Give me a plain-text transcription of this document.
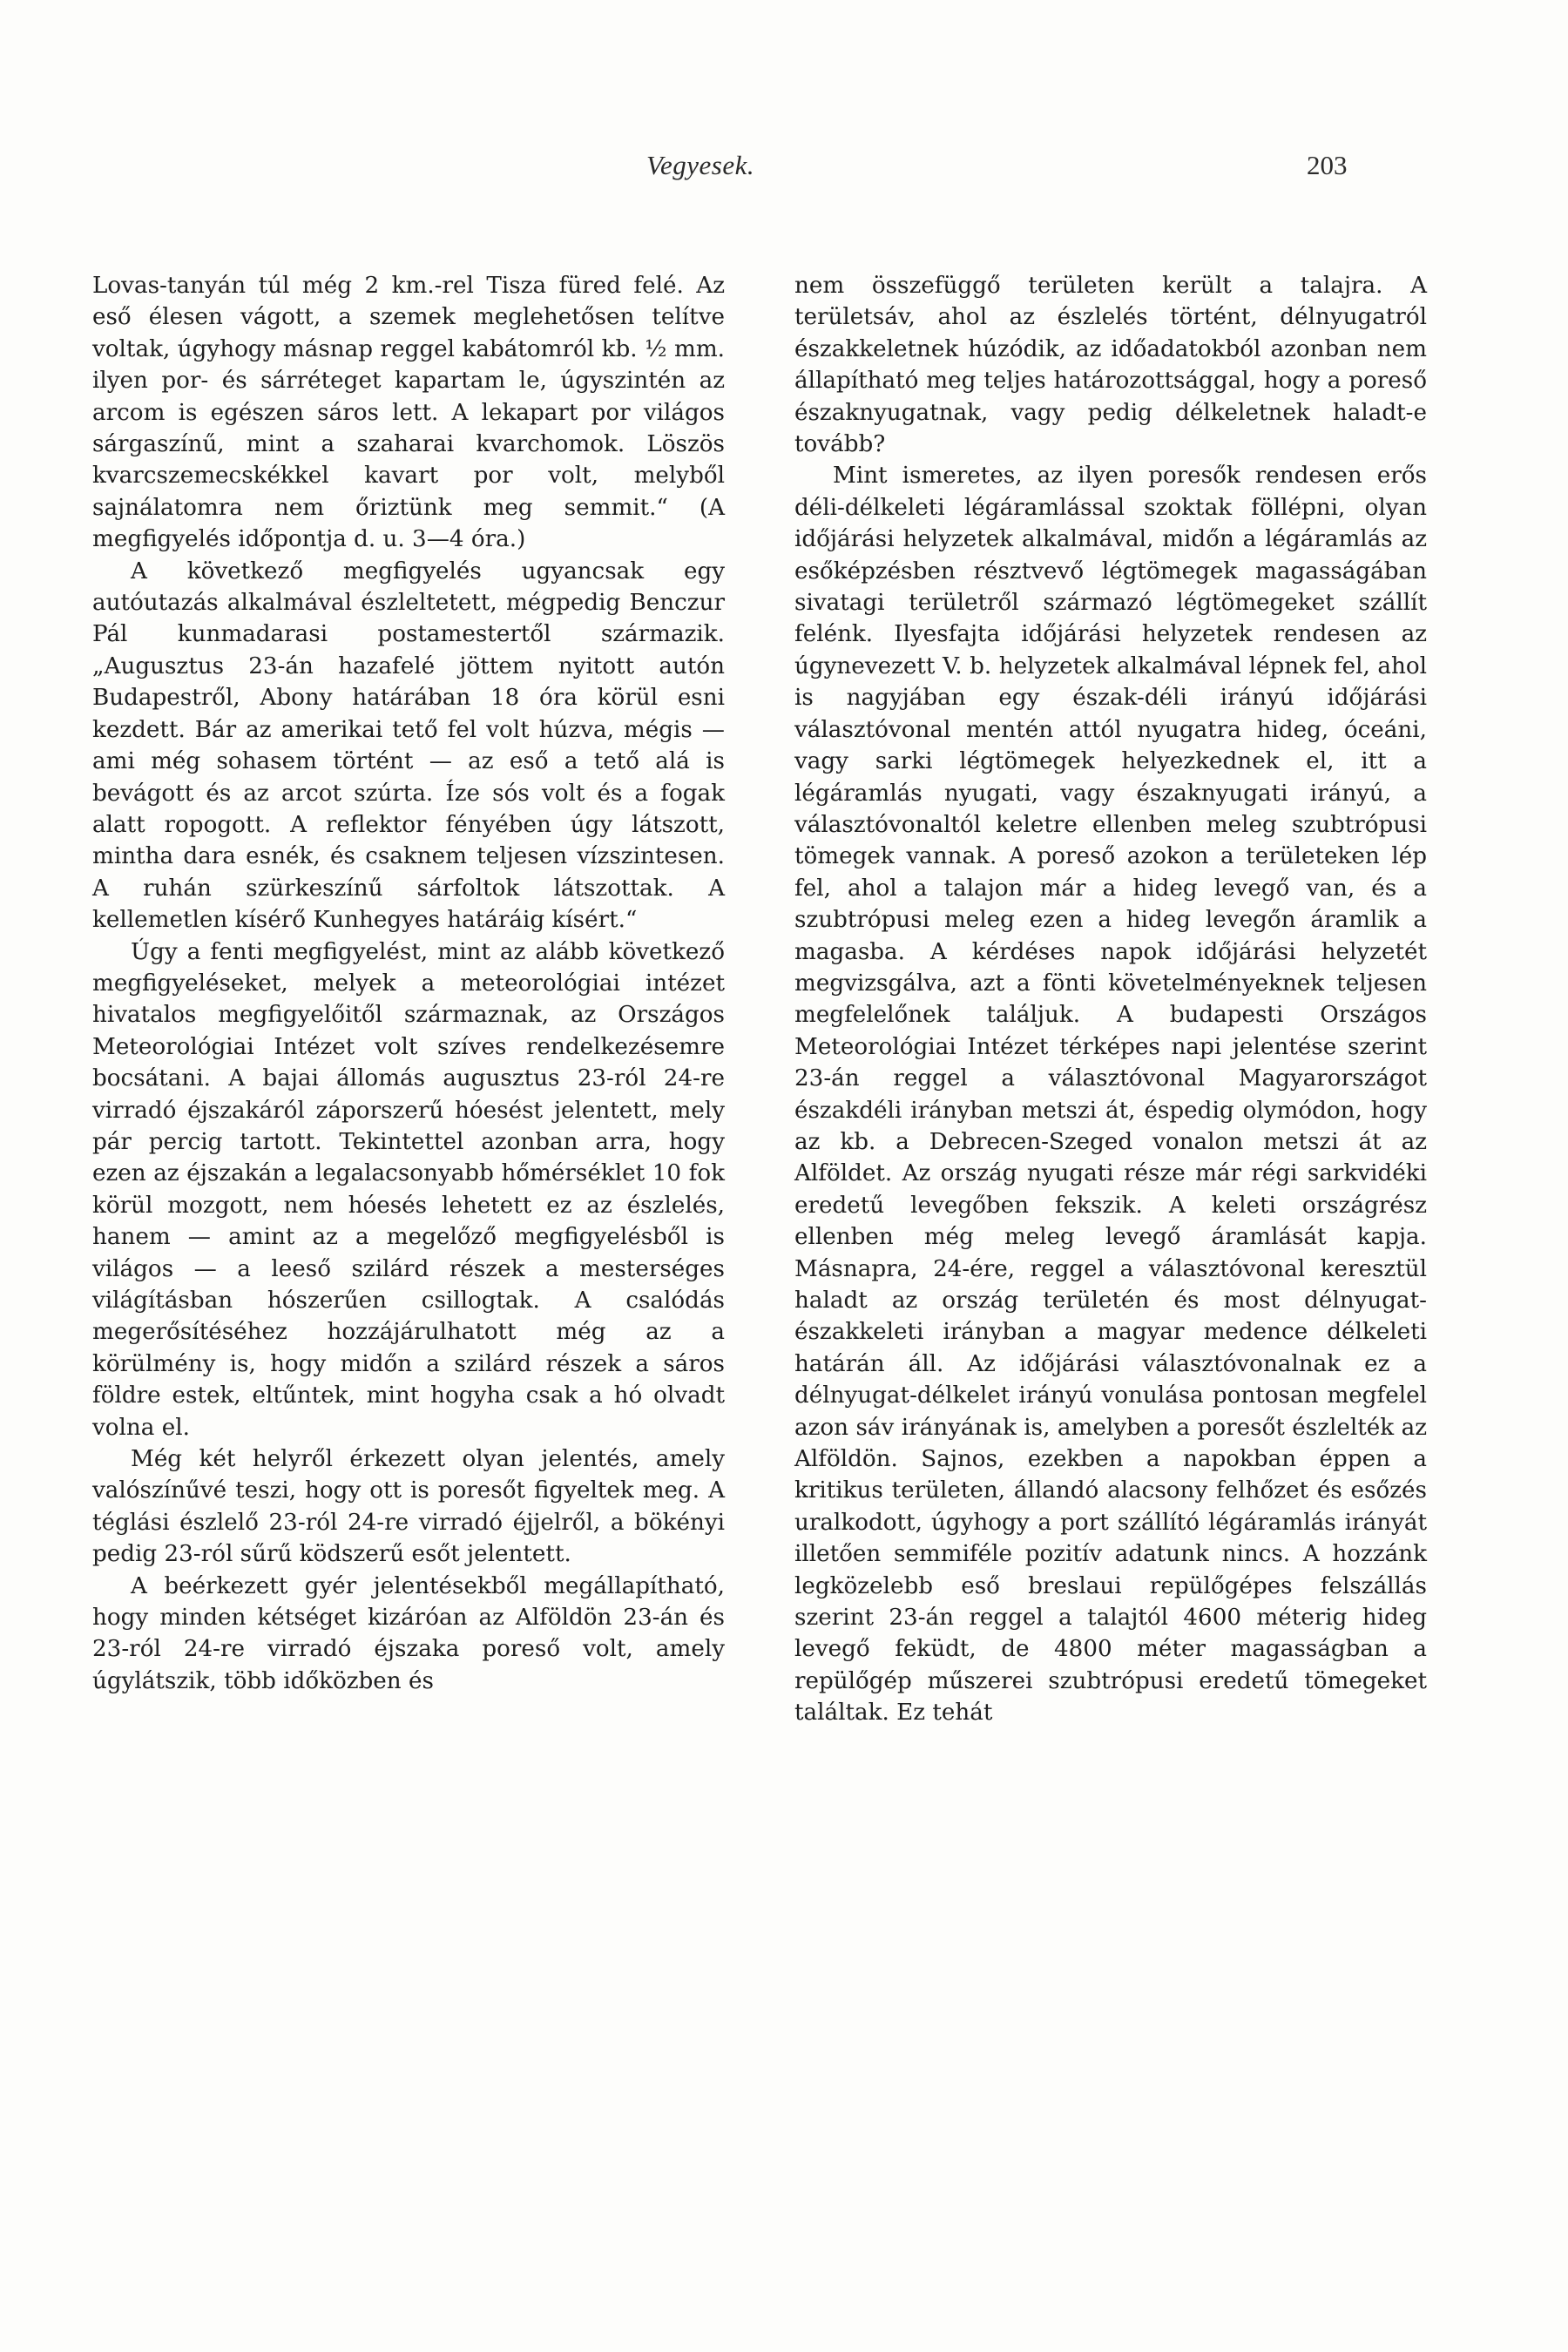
Vegyesek.	203

Lovas-tanyán túl még 2 km.-rel Tisza füred felé. Az eső élesen vágott, a szemek meglehetősen telítve voltak, úgyhogy másnap reggel kabátomról kb. ½ mm. ilyen por- és sárréteget kapartam le, úgyszintén az arcom is egészen sáros lett. A lekapart por világos sárgaszínű, mint a szaharai kvarchomok. Löszös kvarcszemecskékkel kavart por volt, melyből sajnálatomra nem őriztünk meg semmit.“ (A megfigyelés időpontja d. u. 3—4 óra.)

A következő megfigyelés ugyancsak egy autóutazás alkalmával észleltetett, mégpedig Benczur Pál kunmadarasi postamestertől származik. „Augusztus 23-án hazafelé jöttem nyitott autón Budapestről, Abony határában 18 óra körül esni kezdett. Bár az amerikai tető fel volt húzva, mégis — ami még sohasem történt — az eső a tető alá is bevágott és az arcot szúrta. Íze sós volt és a fogak alatt ropogott. A reflektor fényében úgy látszott, mintha dara esnék, és csaknem teljesen vízszintesen. A ruhán szürkeszínű sárfoltok látszottak. A kellemetlen kísérő Kunhegyes határáig kísért.“

Úgy a fenti megfigyelést, mint az alább következő megfigyeléseket, melyek a meteorológiai intézet hivatalos megfigyelőitől származnak, az Országos Meteorológiai Intézet volt szíves rendelkezésemre bocsátani. A bajai állomás augusztus 23-ról 24-re virradó éjszakáról záporszerű hóesést jelentett, mely pár percig tartott. Tekintettel azonban arra, hogy ezen az éjszakán a legalacsonyabb hőmérséklet 10 fok körül mozgott, nem hóesés lehetett ez az észlelés, hanem — amint az a megelőző megfigyelésből is világos — a leeső szilárd részek a mesterséges világításban hószerűen csillogtak. A csalódás megerősítéséhez hozzájárulhatott még az a körülmény is, hogy midőn a szilárd részek a sáros földre estek, eltűntek, mint hogyha csak a hó olvadt volna el.

Még két helyről érkezett olyan jelentés, amely valószínűvé teszi, hogy ott is poresőt figyeltek meg. A téglási észlelő 23-ról 24-re virradó éjjelről, a bökényi pedig 23-ról sűrű ködszerű esőt jelentett.

A beérkezett gyér jelentésekből megállapítható, hogy minden kétséget kizáróan az Alföldön 23-án és 23-ról 24-re virradó éjszaka poreső volt, amely úgylátszik, több időközben és

nem összefüggő területen került a talajra. A területsáv, ahol az észlelés történt, délnyugatról északkeletnek húzódik, az időadatokból azonban nem állapítható meg teljes határozottsággal, hogy a poreső északnyugatnak, vagy pedig délkeletnek haladt-e tovább?

Mint ismeretes, az ilyen poresők rendesen erős déli-délkeleti légáramlással szoktak föllépni, olyan időjárási helyzetek alkalmával, midőn a légáramlás az esőképzésben résztvevő légtömegek magasságában sivatagi területről származó légtömegeket szállít felénk. Ilyesfajta időjárási helyzetek rendesen az úgynevezett V. b. helyzetek alkalmával lépnek fel, ahol is nagyjában egy észak-déli irányú időjárási választóvonal mentén attól nyugatra hideg, óceáni, vagy sarki légtömegek helyezkednek el, itt a légáramlás nyugati, vagy északnyugati irányú, a választóvonaltól keletre ellenben meleg szubtrópusi tömegek vannak. A poreső azokon a területeken lép fel, ahol a talajon már a hideg levegő van, és a szubtrópusi meleg ezen a hideg levegőn áramlik a magasba. A kérdéses napok időjárási helyzetét megvizsgálva, azt a fönti követelményeknek teljesen megfelelőnek találjuk. A budapesti Országos Meteorológiai Intézet térképes napi jelentése szerint 23-án reggel a választóvonal Magyarországot északdéli irányban metszi át, éspedig olymódon, hogy az kb. a Debrecen-Szeged vonalon metszi át az Alföldet. Az ország nyugati része már régi sarkvidéki eredetű levegőben fekszik. A keleti országrész ellenben még meleg levegő áramlását kapja. Másnapra, 24-ére, reggel a választóvonal keresztül haladt az ország területén és most délnyugat-északkeleti irányban a magyar medence délkeleti határán áll. Az időjárási választóvonalnak ez a délnyugat-délkelet irányú vonulása pontosan megfelel azon sáv irányának is, amelyben a poresőt észlelték az Alföldön. Sajnos, ezekben a napokban éppen a kritikus területen, állandó alacsony felhőzet és esőzés uralkodott, úgyhogy a port szállító légáramlás irányát illetően semmiféle pozitív adatunk nincs. A hozzánk legközelebb eső breslaui repülőgépes felszállás szerint 23-án reggel a talajtól 4600 méterig hideg levegő feküdt, de 4800 méter magasságban a repülőgép műszerei szubtrópusi eredetű tömegeket találtak. Ez tehát
